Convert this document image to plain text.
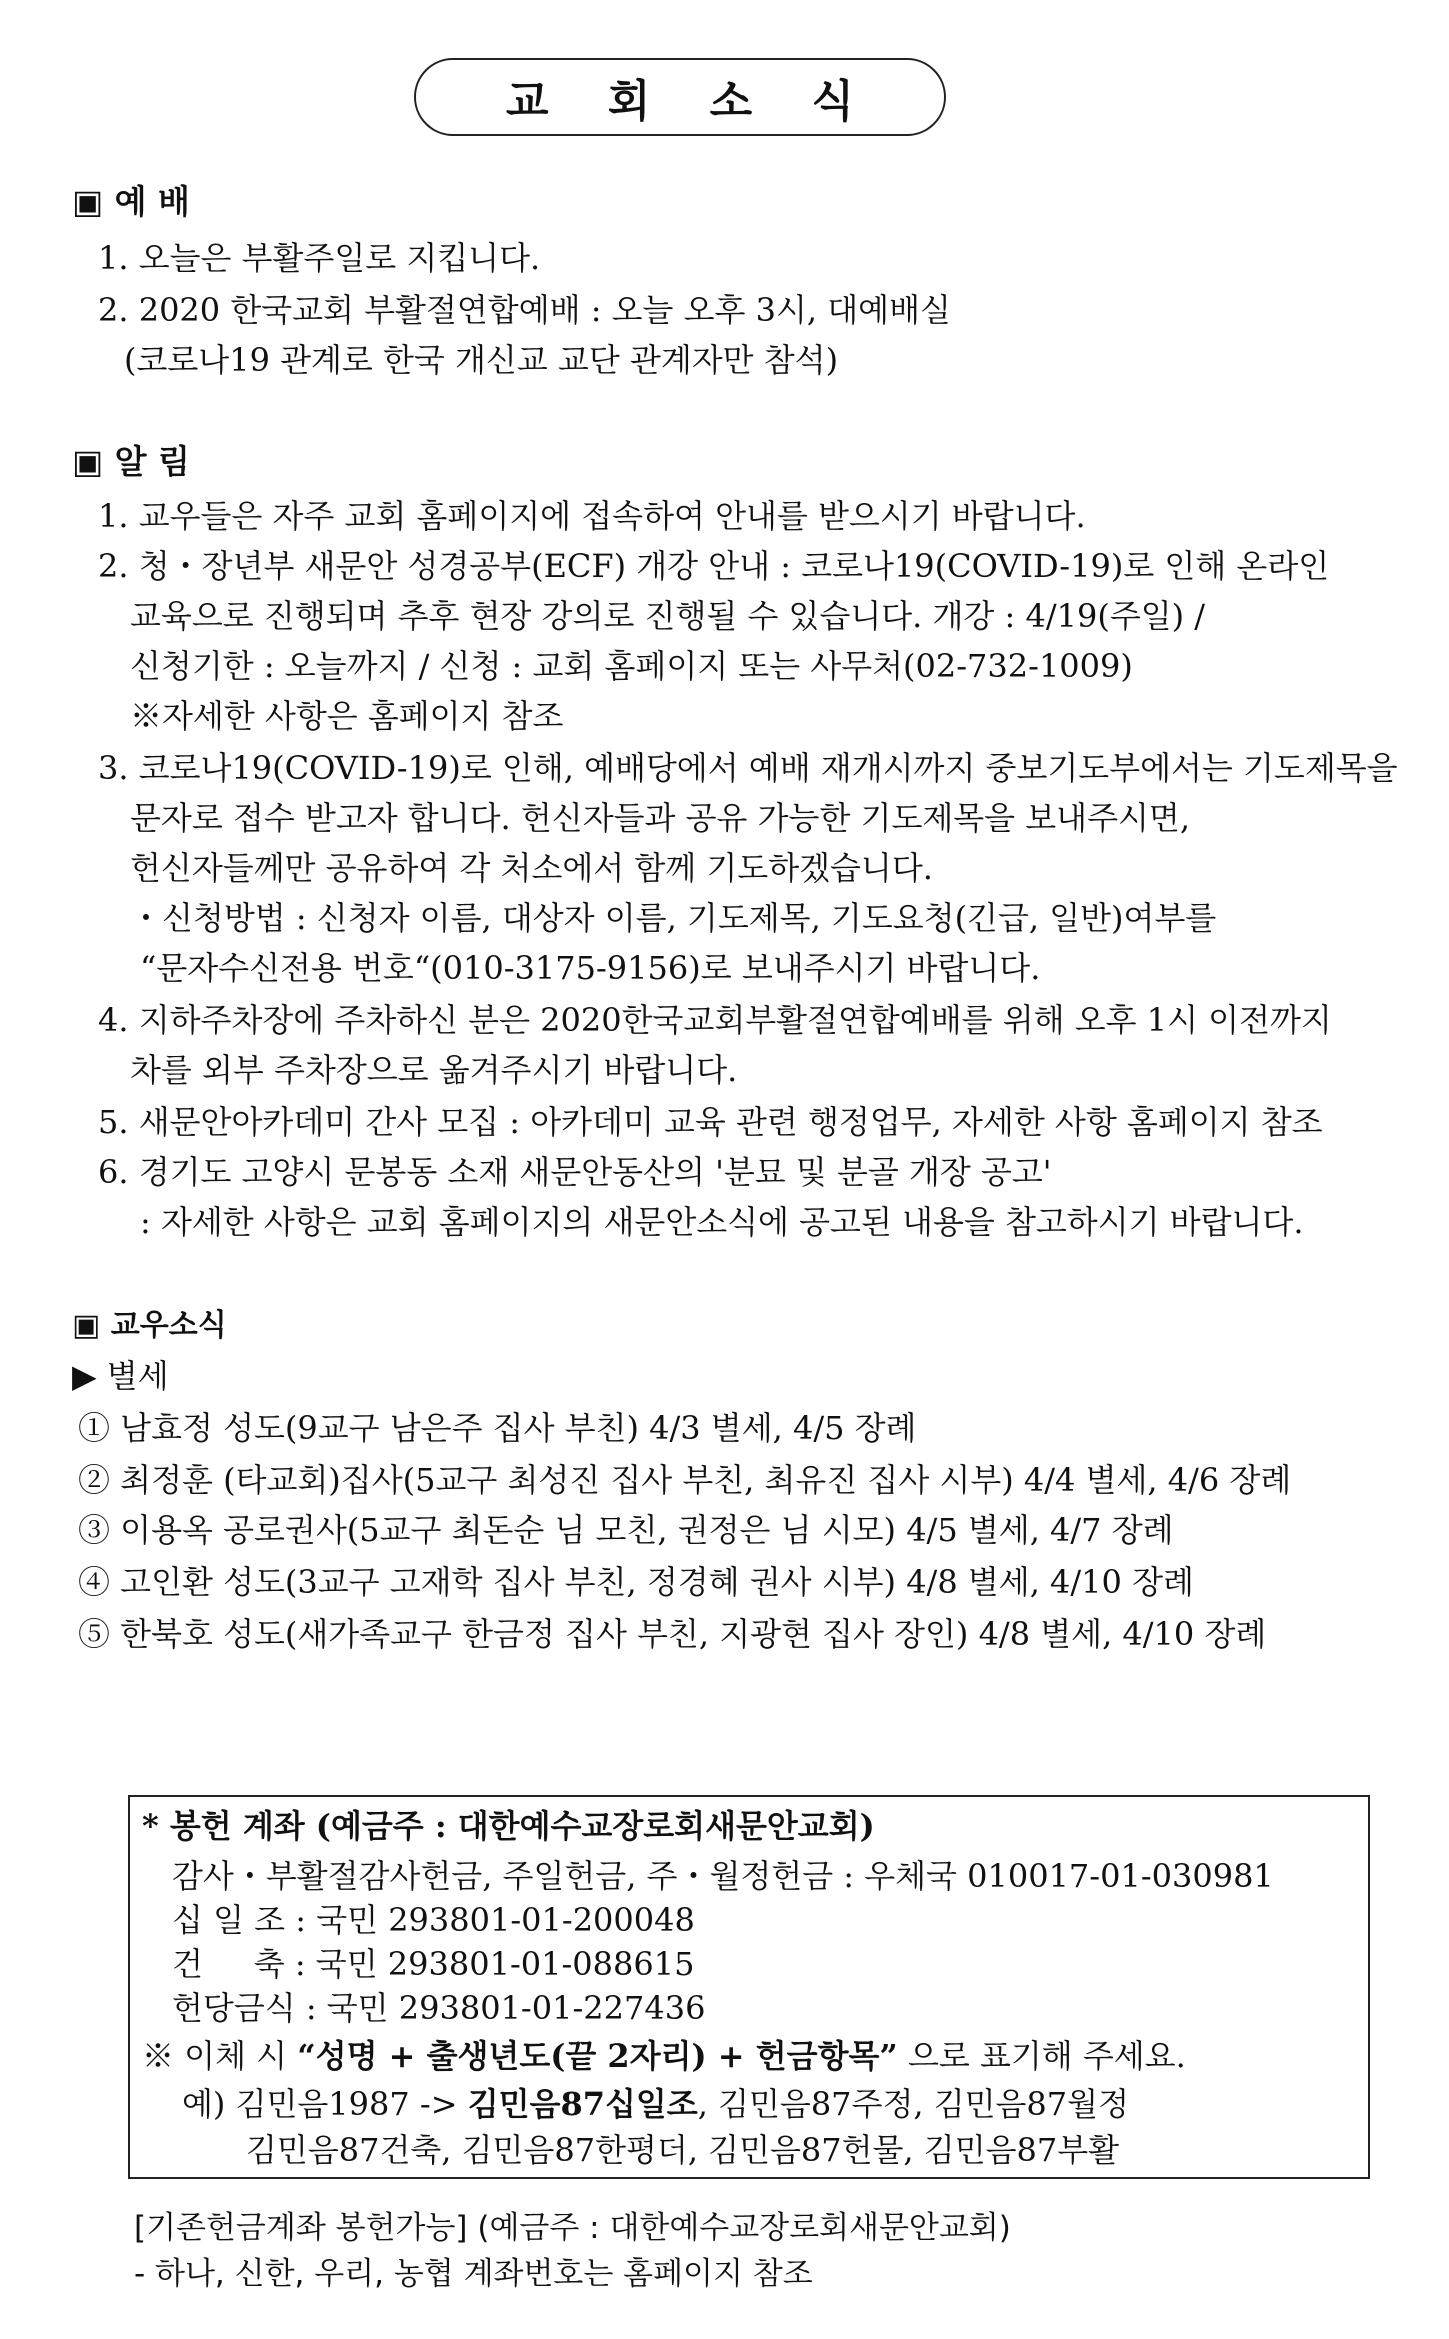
교 회 소 식
▣ 예 배
1. 오늘은 부활주일로 지킵니다.
2. 2020 한국교회 부활절연합예배 : 오늘 오후 3시, 대예배실
(코로나19 관계로 한국 개신교 교단 관계자만 참석)
▣ 알 림
1. 교우들은 자주 교회 홈페이지에 접속하여 안내를 받으시기 바랍니다.
2. 청・장년부 새문안 성경공부(ECF) 개강 안내 : 코로나19(COVID-19)로 인해 온라인
교육으로 진행되며 추후 현장 강의로 진행될 수 있습니다. 개강 : 4/19(주일) /
신청기한 : 오늘까지 / 신청 : 교회 홈페이지 또는 사무처(02-732-1009)
※자세한 사항은 홈페이지 참조
3. 코로나19(COVID-19)로 인해, 예배당에서 예배 재개시까지 중보기도부에서는 기도제목을
문자로 접수 받고자 합니다. 헌신자들과 공유 가능한 기도제목을 보내주시면,
헌신자들께만 공유하여 각 처소에서 함께 기도하겠습니다.
・신청방법 : 신청자 이름, 대상자 이름, 기도제목, 기도요청(긴급, 일반)여부를
“문자수신전용 번호“(010-3175-9156)로 보내주시기 바랍니다.
4. 지하주차장에 주차하신 분은 2020한국교회부활절연합예배를 위해 오후 1시 이전까지
차를 외부 주차장으로 옮겨주시기 바랍니다.
5. 새문안아카데미 간사 모집 : 아카데미 교육 관련 행정업무, 자세한 사항 홈페이지 참조
6. 경기도 고양시 문봉동 소재 새문안동산의 '분묘 및 분골 개장 공고'
: 자세한 사항은 교회 홈페이지의 새문안소식에 공고된 내용을 참고하시기 바랍니다.
▣ 교우소식
▶ 별세
① 남효정 성도(9교구 남은주 집사 부친) 4/3 별세, 4/5 장례
② 최정훈 (타교회)집사(5교구 최성진 집사 부친, 최유진 집사 시부) 4/4 별세, 4/6 장례
③ 이용옥 공로권사(5교구 최돈순 님 모친, 권정은 님 시모) 4/5 별세, 4/7 장례
④ 고인환 성도(3교구 고재학 집사 부친, 정경혜 권사 시부) 4/8 별세, 4/10 장례
⑤ 한북호 성도(새가족교구 한금정 집사 부친, 지광현 집사 장인) 4/8 별세, 4/10 장례
* 봉헌 계좌 (예금주 : 대한예수교장로회새문안교회)
감사・부활절감사헌금, 주일헌금, 주・월정헌금 : 우체국 010017-01-030981
십 일 조 : 국민 293801-01-200048
건     축 : 국민 293801-01-088615
헌당금식 : 국민 293801-01-227436
※ 이체 시 “성명 + 출생년도(끝 2자리) + 헌금항목” 으로 표기해 주세요.
예) 김민음1987 -> 김민음87십일조, 김민음87주정, 김민음87월정
김민음87건축, 김민음87한평더, 김민음87헌물, 김민음87부활
[기존헌금계좌 봉헌가능] (예금주 : 대한예수교장로회새문안교회)
- 하나, 신한, 우리, 농협 계좌번호는 홈페이지 참조
